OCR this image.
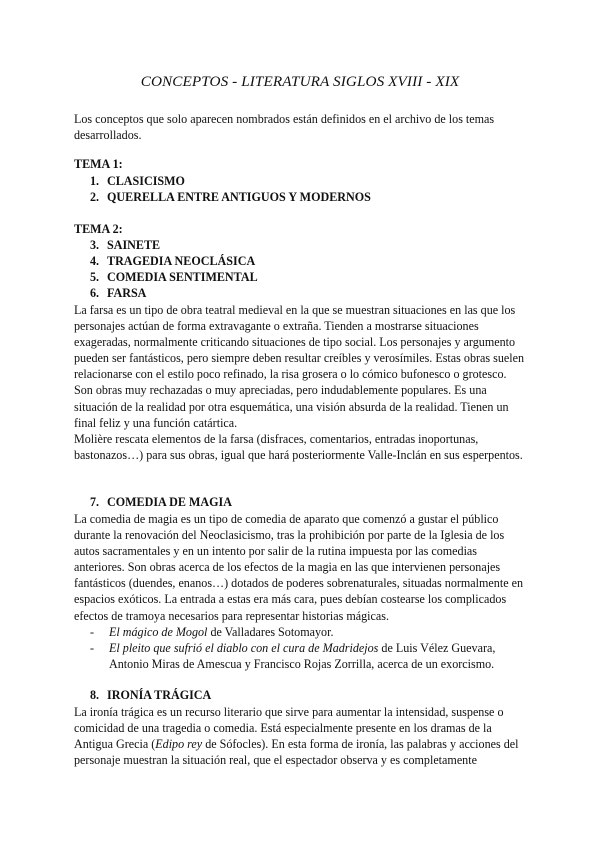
CONCEPTOS - LITERATURA SIGLOS XVIII - XIX
Los conceptos que solo aparecen nombrados están definidos en el archivo de los temas desarrollados.
TEMA 1:
1. CLASICISMO
2. QUERELLA ENTRE ANTIGUOS Y MODERNOS
TEMA 2:
3. SAINETE
4. TRAGEDIA NEOCLÁSICA
5. COMEDIA SENTIMENTAL
6. FARSA
La farsa es un tipo de obra teatral medieval en la que se muestran situaciones en las que los personajes actúan de forma extravagante o extraña. Tienden a mostrarse situaciones exageradas, normalmente criticando situaciones de tipo social. Los personajes y argumento pueden ser fantásticos, pero siempre deben resultar creíbles y verosímiles. Estas obras suelen relacionarse con el estilo poco refinado, la risa grosera o lo cómico bufonesco o grotesco. Son obras muy rechazadas o muy apreciadas, pero indudablemente populares. Es una situación de la realidad por otra esquemática, una visión absurda de la realidad. Tienen un final feliz y una función catártica.
Molière rescata elementos de la farsa (disfraces, comentarios, entradas inoportunas, bastonazos…) para sus obras, igual que hará posteriormente Valle-Inclán en sus esperpentos.
7. COMEDIA DE MAGIA
La comedia de magia es un tipo de comedia de aparato que comenzó a gustar el público durante la renovación del Neoclasicismo, tras la prohibición por parte de la Iglesia de los autos sacramentales y en un intento por salir de la rutina impuesta por las comedias anteriores. Son obras acerca de los efectos de la magia en las que intervienen personajes fantásticos (duendes, enanos…) dotados de poderes sobrenaturales, situadas normalmente en espacios exóticos. La entrada a estas era más cara, pues debían costearse los complicados efectos de tramoya necesarios para representar historias mágicas.
-	El mágico de Mogol de Valladares Sotomayor.
-	El pleito que sufrió el diablo con el cura de Madridejos de Luis Vélez Guevara, Antonio Miras de Amescua y Francisco Rojas Zorrilla, acerca de un exorcismo.
8. IRONÍA TRÁGICA
La ironía trágica es un recurso literario que sirve para aumentar la intensidad, suspense o comicidad de una tragedia o comedia. Está especialmente presente en los dramas de la Antigua Grecia (Edipo rey de Sófocles). En esta forma de ironía, las palabras y acciones del personaje muestran la situación real, que el espectador observa y es completamente
